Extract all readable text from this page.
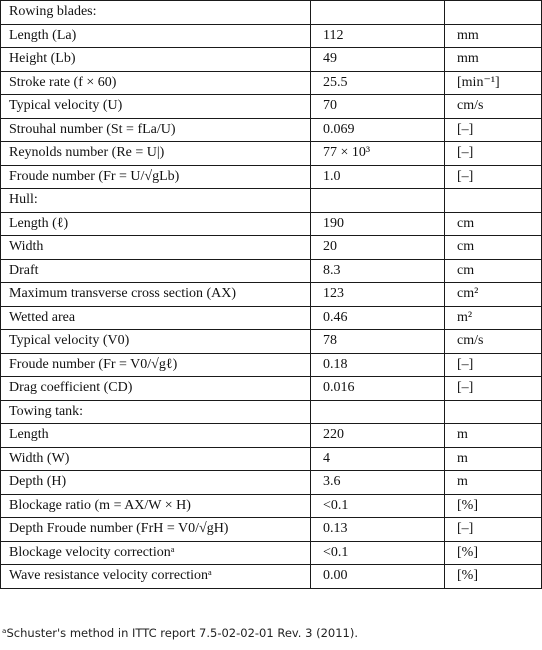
Rowing blades:		
Length (La)	112	mm
Height (Lb)	49	mm
Stroke rate (f × 60)	25.5	[min⁻¹]
Typical velocity (U)	70	cm/s
Strouhal number (St = fLa/U)	0.069	[–]
Reynolds number (Re = U|)	77 × 10³	[–]
Froude number (Fr = U/√gLb)	1.0	[–]
Hull:		
Length (ℓ)	190	cm
Width	20	cm
Draft	8.3	cm
Maximum transverse cross section (AX)	123	cm²
Wetted area	0.46	m²
Typical velocity (V0)	78	cm/s
Froude number (Fr = V0/√gℓ)	0.18	[–]
Drag coefficient (CD)	0.016	[–]
Towing tank:		
Length	220	m
Width (W)	4	m
Depth (H)	3.6	m
Blockage ratio (m = AX/W × H)	<0.1	[%]
Depth Froude number (FrH = V0/√gH)	0.13	[–]
Blockage velocity correctionᵃ	<0.1	[%]
Wave resistance velocity correctionᵃ	0.00	[%]
ᵃSchuster's method in ITTC report 7.5-02-02-01 Rev. 3 (2011).
